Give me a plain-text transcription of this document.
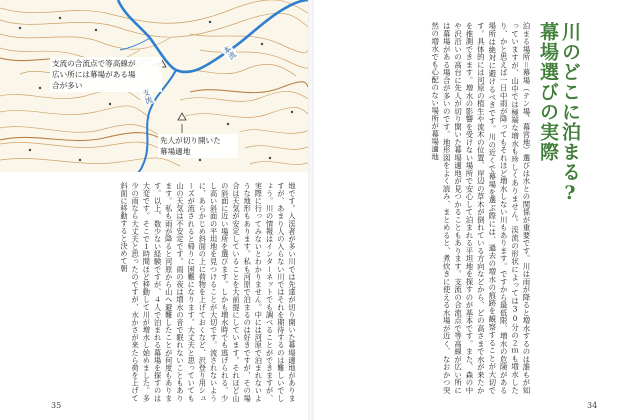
支流の合流点で等高線が
広い所には幕場がある場
合が多い
先人が切り開いた
幕場適地
本流
支流
地です。入渓者が多い川では先達が切り開いた幕場適地がありますが、あまり人の入らない川ではそれを期待するのは難しいでしょう。川の情報はインターネットでも調べることができますが、実際に行ってみないとわかりません。中には河原で泊まれないような地形もあります。私も河原で泊まるのは好きですが、その場合は天気が安定していることを大前提にしています。それほど山の斜面に近い場所を選びます。しかも増水時でも逃げられる、少し高い斜面の平坦地を見つけることが大切です。流されないように、あらかじめ斜面の上に荷物を上げておくなど、沢登り用シューズが流されると帰りに困難になります。大丈夫と思っていても山の天気は不安定です。雨の夜は増水の音で眠れないこともあります。私も雨が降ると河原から山へ避難したことが何度もあります。以上、数少ない経験ですが、４人で泊まれる幕場を探すのは大変です。そこで１時間ほど移動して川が増水し始めました。多少の雨なら大丈夫と思ったのですが、水かさが来たら荷を上げて斜面に移動すると決めて朝
35
川のどこに泊まる?
幕場選びの実際
泊まる場所＝幕場（テン場、幕営地）選びは水との関係が重要です。川は雨が降ると増水するのは誰もが知っていますが、山中では極端な増水も珍しくありません。渓流の形状によっては30分の２ｍも増水したり、かと思えば一日中雨が降ってもそれほど増水しない川もあります。ですから最低限、増水の危険がある場所は絶対に避けるべきです。川の近くで幕場を選ぶ際には、過去の増水の痕跡を観察することが大切です。具体的には河原の植生や流木の位置、岸辺の草木が倒れている方向などから、どの高さまで水が来たかを推測できます。増水の影響を受けない場所で安心して泊まれる平坦地を探すのが基本です。また、森の中や沢沿いの高台に先人が切り開いた幕場適地が見つかることもあります。支流の合流点で等高線が広い所には幕場がある場合が多いのです。地形図をよく読み、まとめると、煮炊きに使える水場が近く、なおかつ突然の増水でも心配のない場所が幕場適地
34
